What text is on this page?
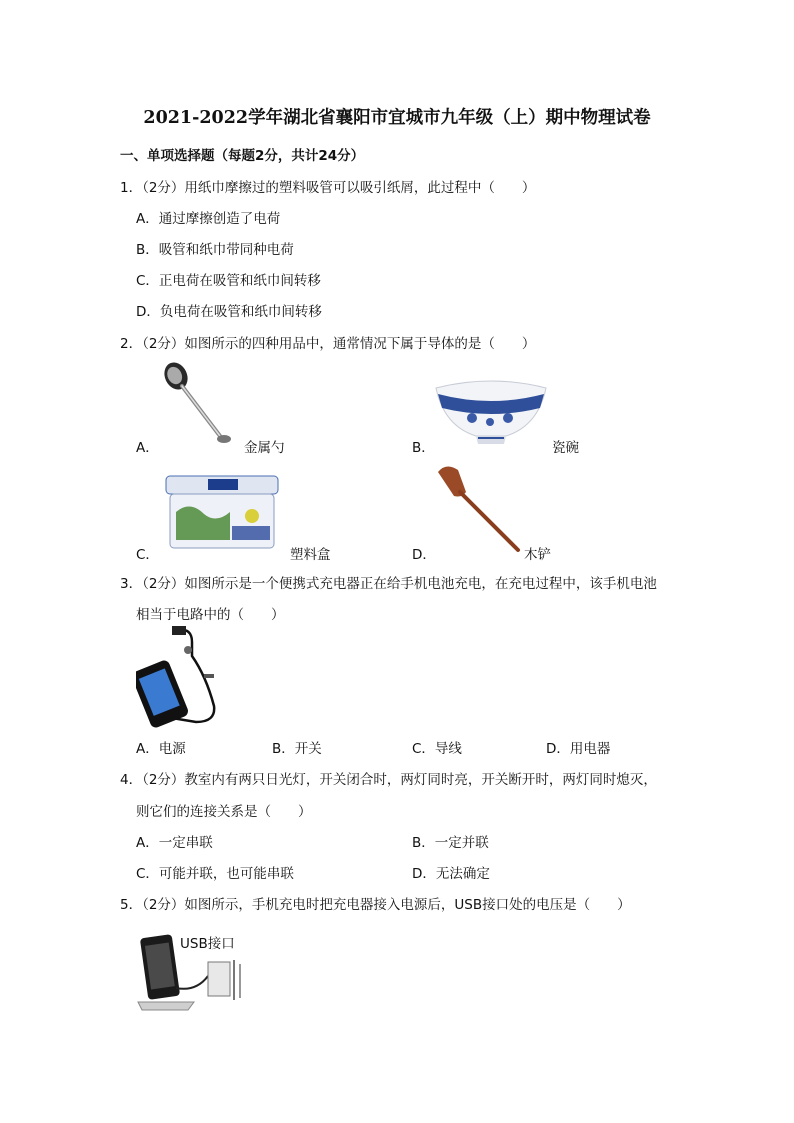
2021-2022学年湖北省襄阳市宜城市九年级（上）期中物理试卷
一、单项选择题（每题2分，共计24分）
1．（2分）用纸巾摩擦过的塑料吸管可以吸引纸屑，此过程中（　　）
A．通过摩擦创造了电荷
B．吸管和纸巾带同种电荷
C．正电荷在吸管和纸巾间转移
D．负电荷在吸管和纸巾间转移
2．（2分）如图所示的四种用品中，通常情况下属于导体的是（　　）
A．	金属勺	B．	瓷碗
C．	塑料盒	D．	木铲
3．（2分）如图所示是一个便携式充电器正在给手机电池充电，在充电过程中，该手机电池
相当于电路中的（　　）
A．电源	B．开关	C．导线	D．用电器
4．（2分）教室内有两只日光灯，开关闭合时，两灯同时亮，开关断开时，两灯同时熄灭，
则它们的连接关系是（　　）
A．一定串联	B．一定并联
C．可能并联，也可能串联	D．无法确定
5．（2分）如图所示，手机充电时把充电器接入电源后，USB接口处的电压是（　　）
USB接口
